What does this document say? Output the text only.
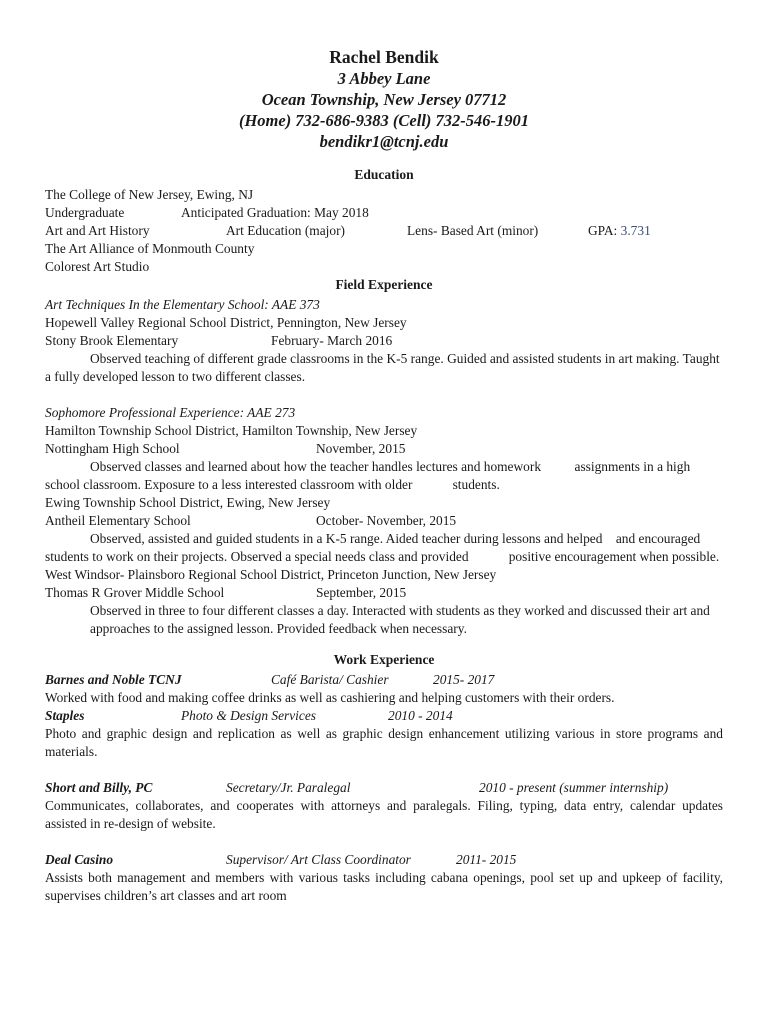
Rachel Bendik
3 Abbey Lane
Ocean Township, New Jersey 07712
(Home) 732-686-9383 (Cell) 732-546-1901
bendikr1@tcnj.edu
Education
The College of New Jersey, Ewing, NJ
Undergraduate	Anticipated Graduation: May 2018
Art and Art History	Art Education (major)	Lens- Based Art (minor)	GPA: 3.731
The Art Alliance of Monmouth County
Colorest Art Studio
Field Experience
Art Techniques In the Elementary School: AAE 373
Hopewell Valley Regional School District, Pennington, New Jersey
Stony Brook Elementary	February- March 2016
Observed teaching of different grade classrooms in the K-5 range. Guided and assisted students in art making. Taught a fully developed lesson to two different classes.
Sophomore Professional Experience: AAE 273
Hamilton Township School District, Hamilton Township, New Jersey
Nottingham High School	November, 2015
Observed classes and learned about how the teacher handles lectures and homework          assignments in a high school classroom. Exposure to a less interested classroom with older            students.
Ewing Township School District, Ewing, New Jersey
Antheil Elementary School	October- November, 2015
Observed, assisted and guided students in a K-5 range. Aided teacher during lessons and helped    and encouraged students to work on their projects. Observed a special needs class and provided            positive encouragement when possible.
West Windsor- Plainsboro Regional School District, Princeton Junction, New Jersey
Thomas R Grover Middle School	September, 2015
Observed in three to four different classes a day. Interacted with students as they worked and discussed their art and approaches to the assigned lesson. Provided feedback when necessary.
Work Experience
Barnes and Noble TCNJ	Café Barista/ Cashier	2015- 2017
Worked with food and making coffee drinks as well as cashiering and helping customers with their orders.
Staples	Photo & Design Services	2010 - 2014
Photo and graphic design and replication as well as graphic design enhancement utilizing various in store programs and materials.
Short and Billy, PC	Secretary/Jr. Paralegal	2010 - present (summer internship)
Communicates, collaborates, and cooperates with attorneys and paralegals. Filing, typing, data entry, calendar updates assisted in re-design of website.
Deal Casino	Supervisor/ Art Class Coordinator	2011- 2015
Assists both management and members with various tasks including cabana openings, pool set up and upkeep of facility, supervises children’s art classes and art room
